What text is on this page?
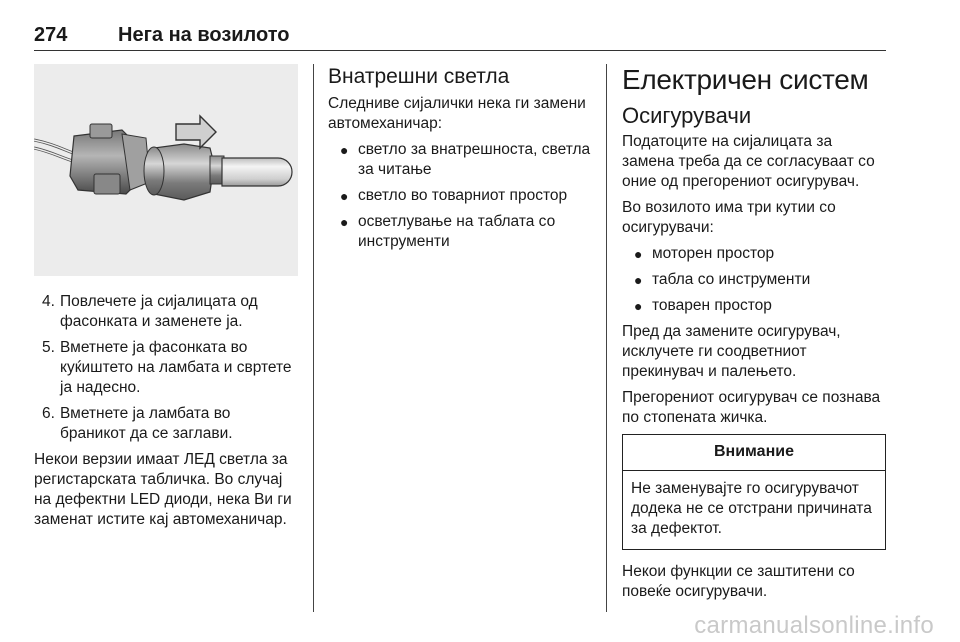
274	Нега на возилото
4. Повлечете ја сијалицата од фасонката и заменете ја.
5. Вметнете ја фасонката во куќиштето на ламбата и свртете ја надесно.
6. Вметнете ја ламбата во браникот да се заглави.

Некои верзии имаат ЛЕД светла за регистарската табличка. Во случај на дефектни LED диоди, нека Ви ги заменат истите кај автомеханичар.

Внатрешни светла

Следниве сијалички нека ги замени автомеханичар:

● светло за внатрешноста, светла за читање
● светло во товарниот простор
● осветлување на таблата со инструменти
Електричен систем
Осигурувачи

Податоците на сијалицата за замена треба да се согласуваат со оние од прегорениот осигурувач.

Во возилото има три кутии со осигурувачи:

● моторен простор
● табла со инструменти
● товарен простор

Пред да замените осигурувач, исклучете ги соодветниот прекинувач и палењето.

Прегорениот осигурувач се познава по стопената жичка.

Внимание
Не заменувајте го осигурувачот додека не се отстрани причината за дефектот.

Некои функции се заштитени со повеќе осигурувачи.

carmanualsonline.info
